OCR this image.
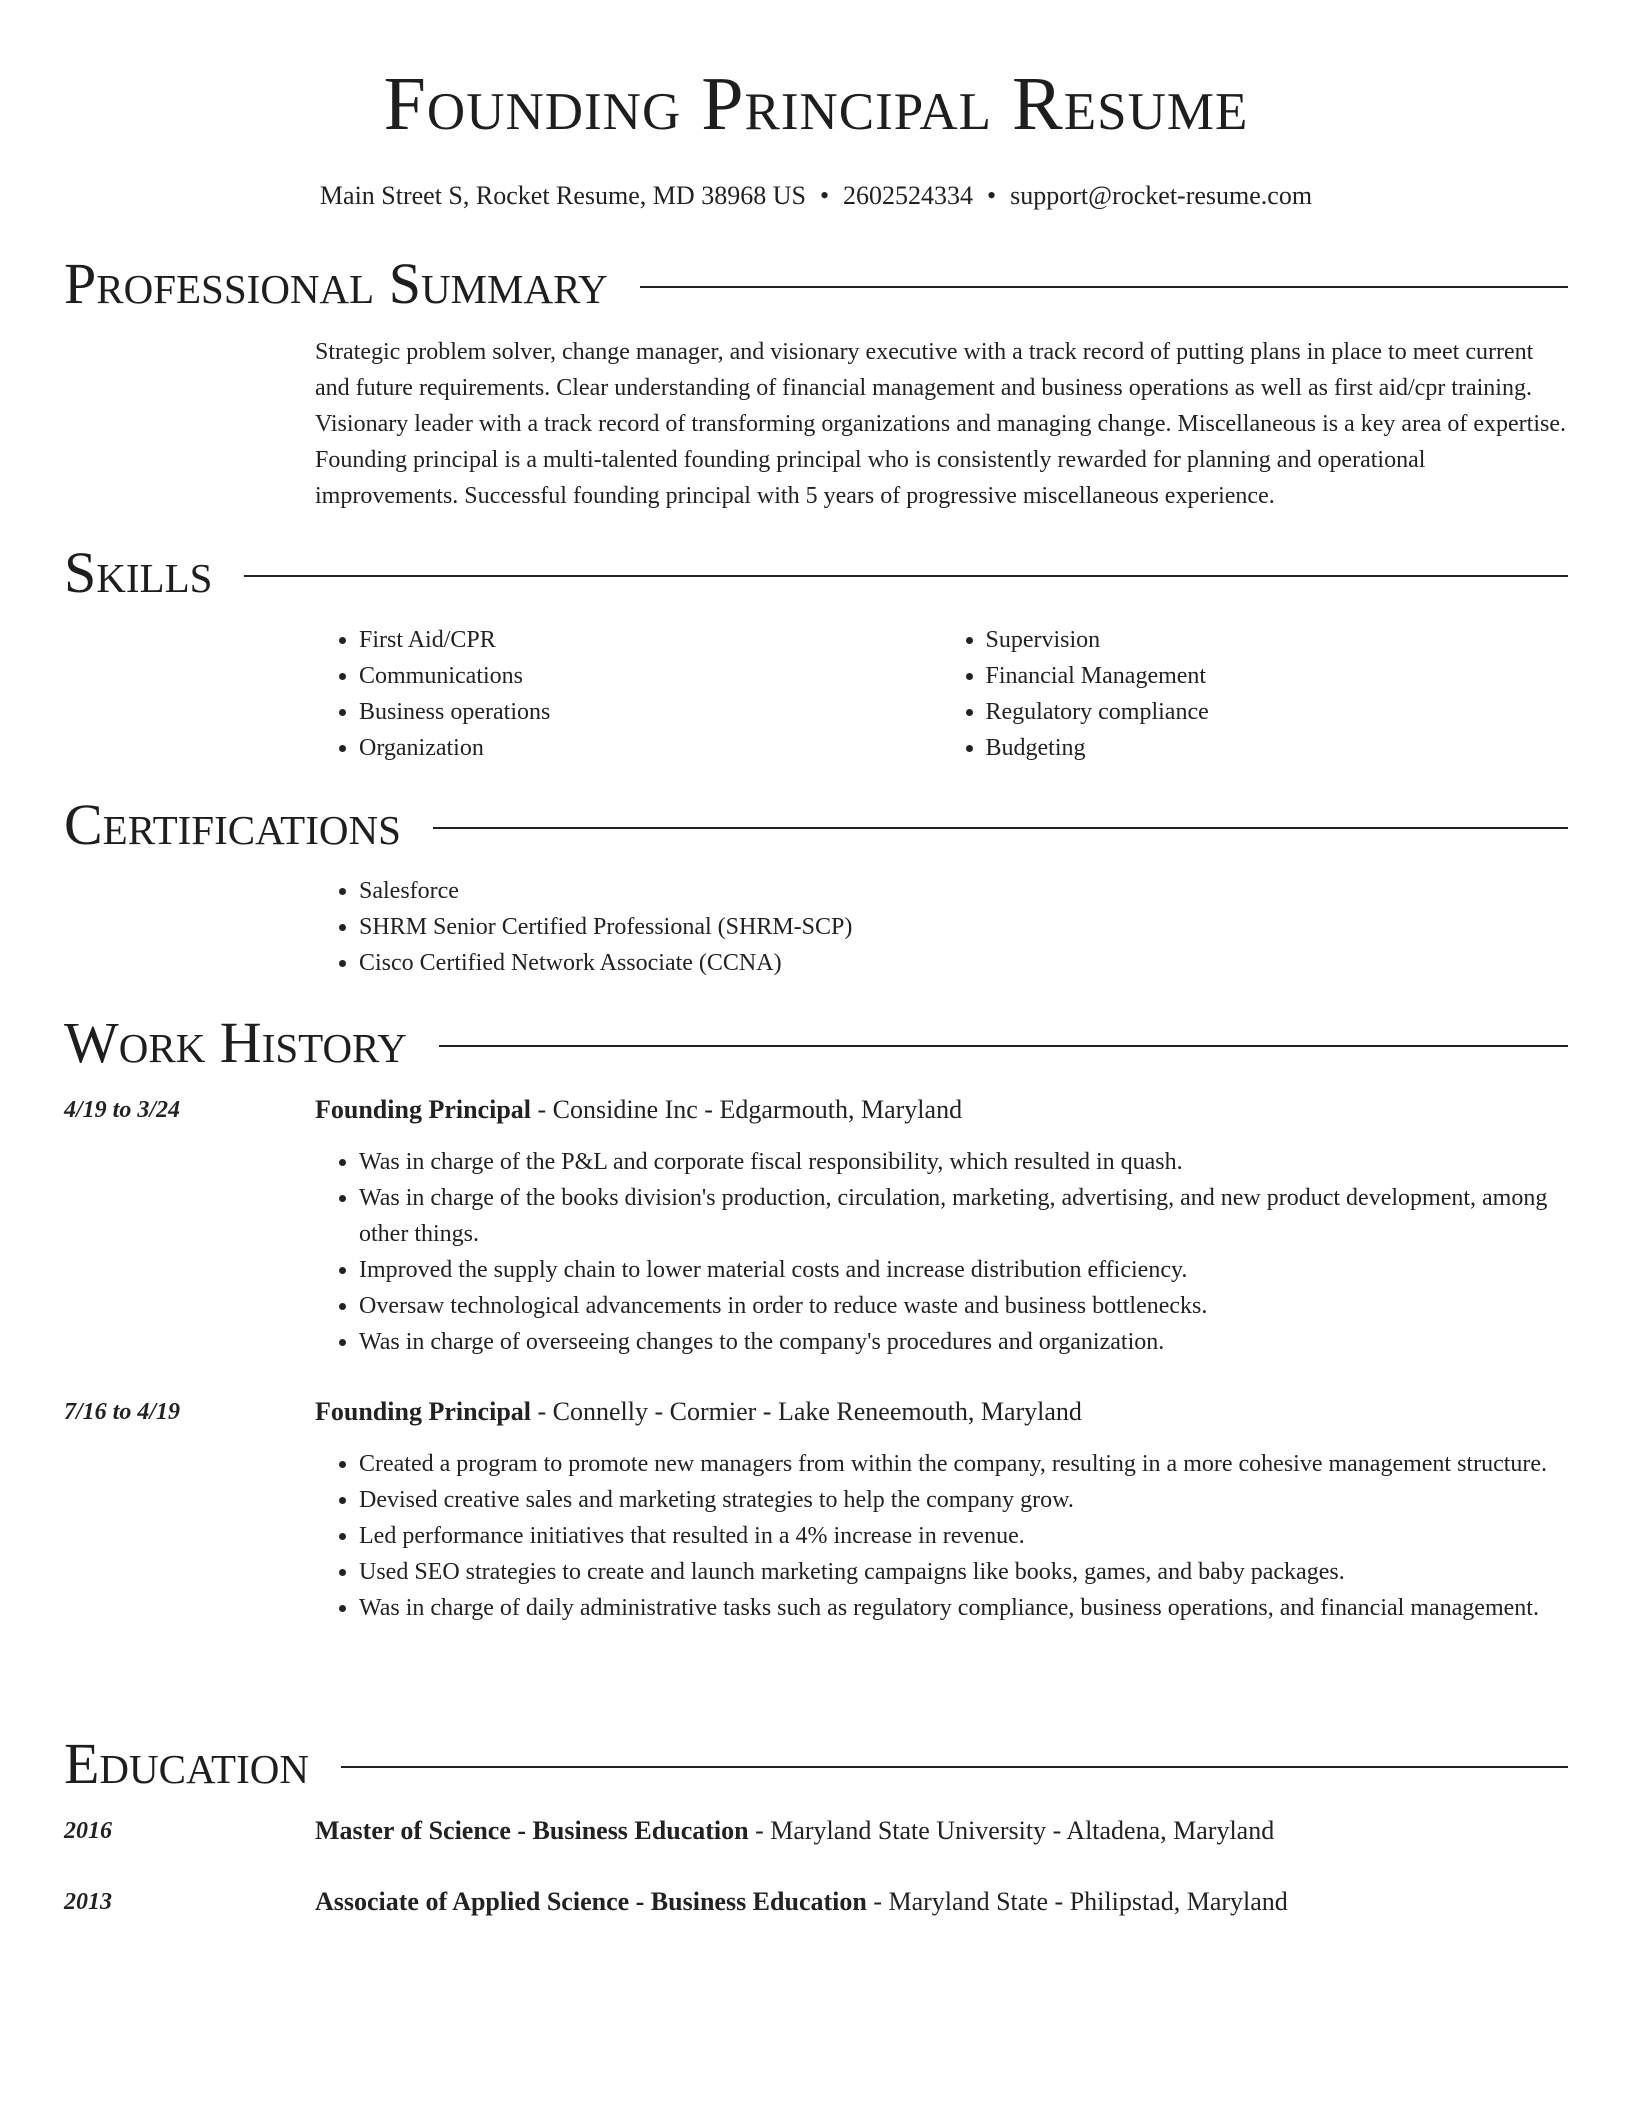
Founding Principal Resume
Main Street S, Rocket Resume, MD 38968 US • 2602524334 • support@rocket-resume.com
Professional Summary

Strategic problem solver, change manager, and visionary executive with a track record of putting plans in place to meet current and future requirements. Clear understanding of financial management and business operations as well as first aid/cpr training. Visionary leader with a track record of transforming organizations and managing change. Miscellaneous is a key area of expertise. Founding principal is a multi-talented founding principal who is consistently rewarded for planning and operational improvements. Successful founding principal with 5 years of progressive miscellaneous experience.

Skills
• First Aid/CPR
• Communications
• Business operations
• Organization
• Supervision
• Financial Management
• Regulatory compliance
• Budgeting
Certifications
• Salesforce
• SHRM Senior Certified Professional (SHRM-SCP)
• Cisco Certified Network Associate (CCNA)
Work History
4/19 to 3/24	Founding Principal - Considine Inc - Edgarmouth, Maryland
• Was in charge of the P&L and corporate fiscal responsibility, which resulted in quash.
• Was in charge of the books division's production, circulation, marketing, advertising, and new product development, among other things.
• Improved the supply chain to lower material costs and increase distribution efficiency.
• Oversaw technological advancements in order to reduce waste and business bottlenecks.
• Was in charge of overseeing changes to the company's procedures and organization.
7/16 to 4/19	Founding Principal - Connelly - Cormier - Lake Reneemouth, Maryland
• Created a program to promote new managers from within the company, resulting in a more cohesive management structure.
• Devised creative sales and marketing strategies to help the company grow.
• Led performance initiatives that resulted in a 4% increase in revenue.
• Used SEO strategies to create and launch marketing campaigns like books, games, and baby packages.
• Was in charge of daily administrative tasks such as regulatory compliance, business operations, and financial management.
Education
2016	Master of Science - Business Education - Maryland State University - Altadena, Maryland
2013	Associate of Applied Science - Business Education - Maryland State - Philipstad, Maryland
